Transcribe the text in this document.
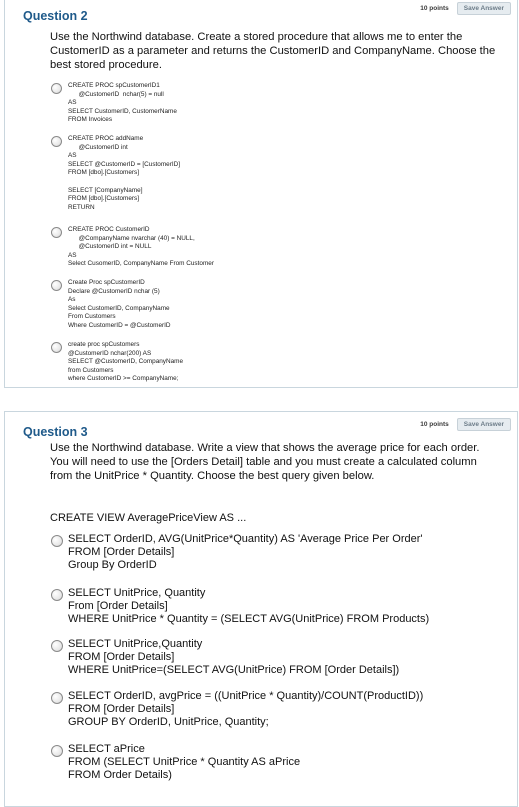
10 points	Save Answer
Question 2
Use the Northwind database. Create a stored procedure that allows me to enter the CustomerID as a parameter and returns the CustomerID and CompanyName. Choose the best stored procedure.
CREATE PROC spCustomerID1
@CustomerID  nchar(5) = null
AS
SELECT CustomerID, CustomerName
FROM Invoices
CREATE PROC addName
@CustomerID int
AS
SELECT @CustomerID = [CustomerID]
FROM [dbo].[Customers]

SELECT [CompanyName]
FROM [dbo].[Customers]
RETURN
CREATE PROC CustomerID
@CompanyName nvarchar (40) = NULL,
@CustomerID int = NULL
AS
Select CusomerID, CompanyName From Customer
Create Proc spCustomerID
Declare @CustomerID nchar (5)
As
Select CustomerID, CompanyName
From Customers
Where CustomerID = @CustomerID
create proc spCustomers
@CustomerID nchar(200) AS
SELECT @CustomerID, CompanyName
from Customers
where CustomerID >= CompanyName;
10 points	Save Answer
Question 3
Use the Northwind database. Write a view that shows the average price for each order. You will need to use the [Orders Detail] table and you must create a calculated column from the UnitPrice * Quantity. Choose the best query given below.
CREATE VIEW AveragePriceView AS ...
SELECT OrderID, AVG(UnitPrice*Quantity) AS 'Average Price Per Order'
FROM [Order Details]
Group By OrderID
SELECT UnitPrice, Quantity
From [Order Details]
WHERE UnitPrice * Quantity = (SELECT AVG(UnitPrice) FROM Products)
SELECT UnitPrice,Quantity
FROM [Order Details]
WHERE UnitPrice=(SELECT AVG(UnitPrice) FROM [Order Details])
SELECT OrderID, avgPrice = ((UnitPrice * Quantity)/COUNT(ProductID))
FROM [Order Details]
GROUP BY OrderID, UnitPrice, Quantity;
SELECT aPrice
FROM (SELECT UnitPrice * Quantity AS aPrice
FROM Order Details)
